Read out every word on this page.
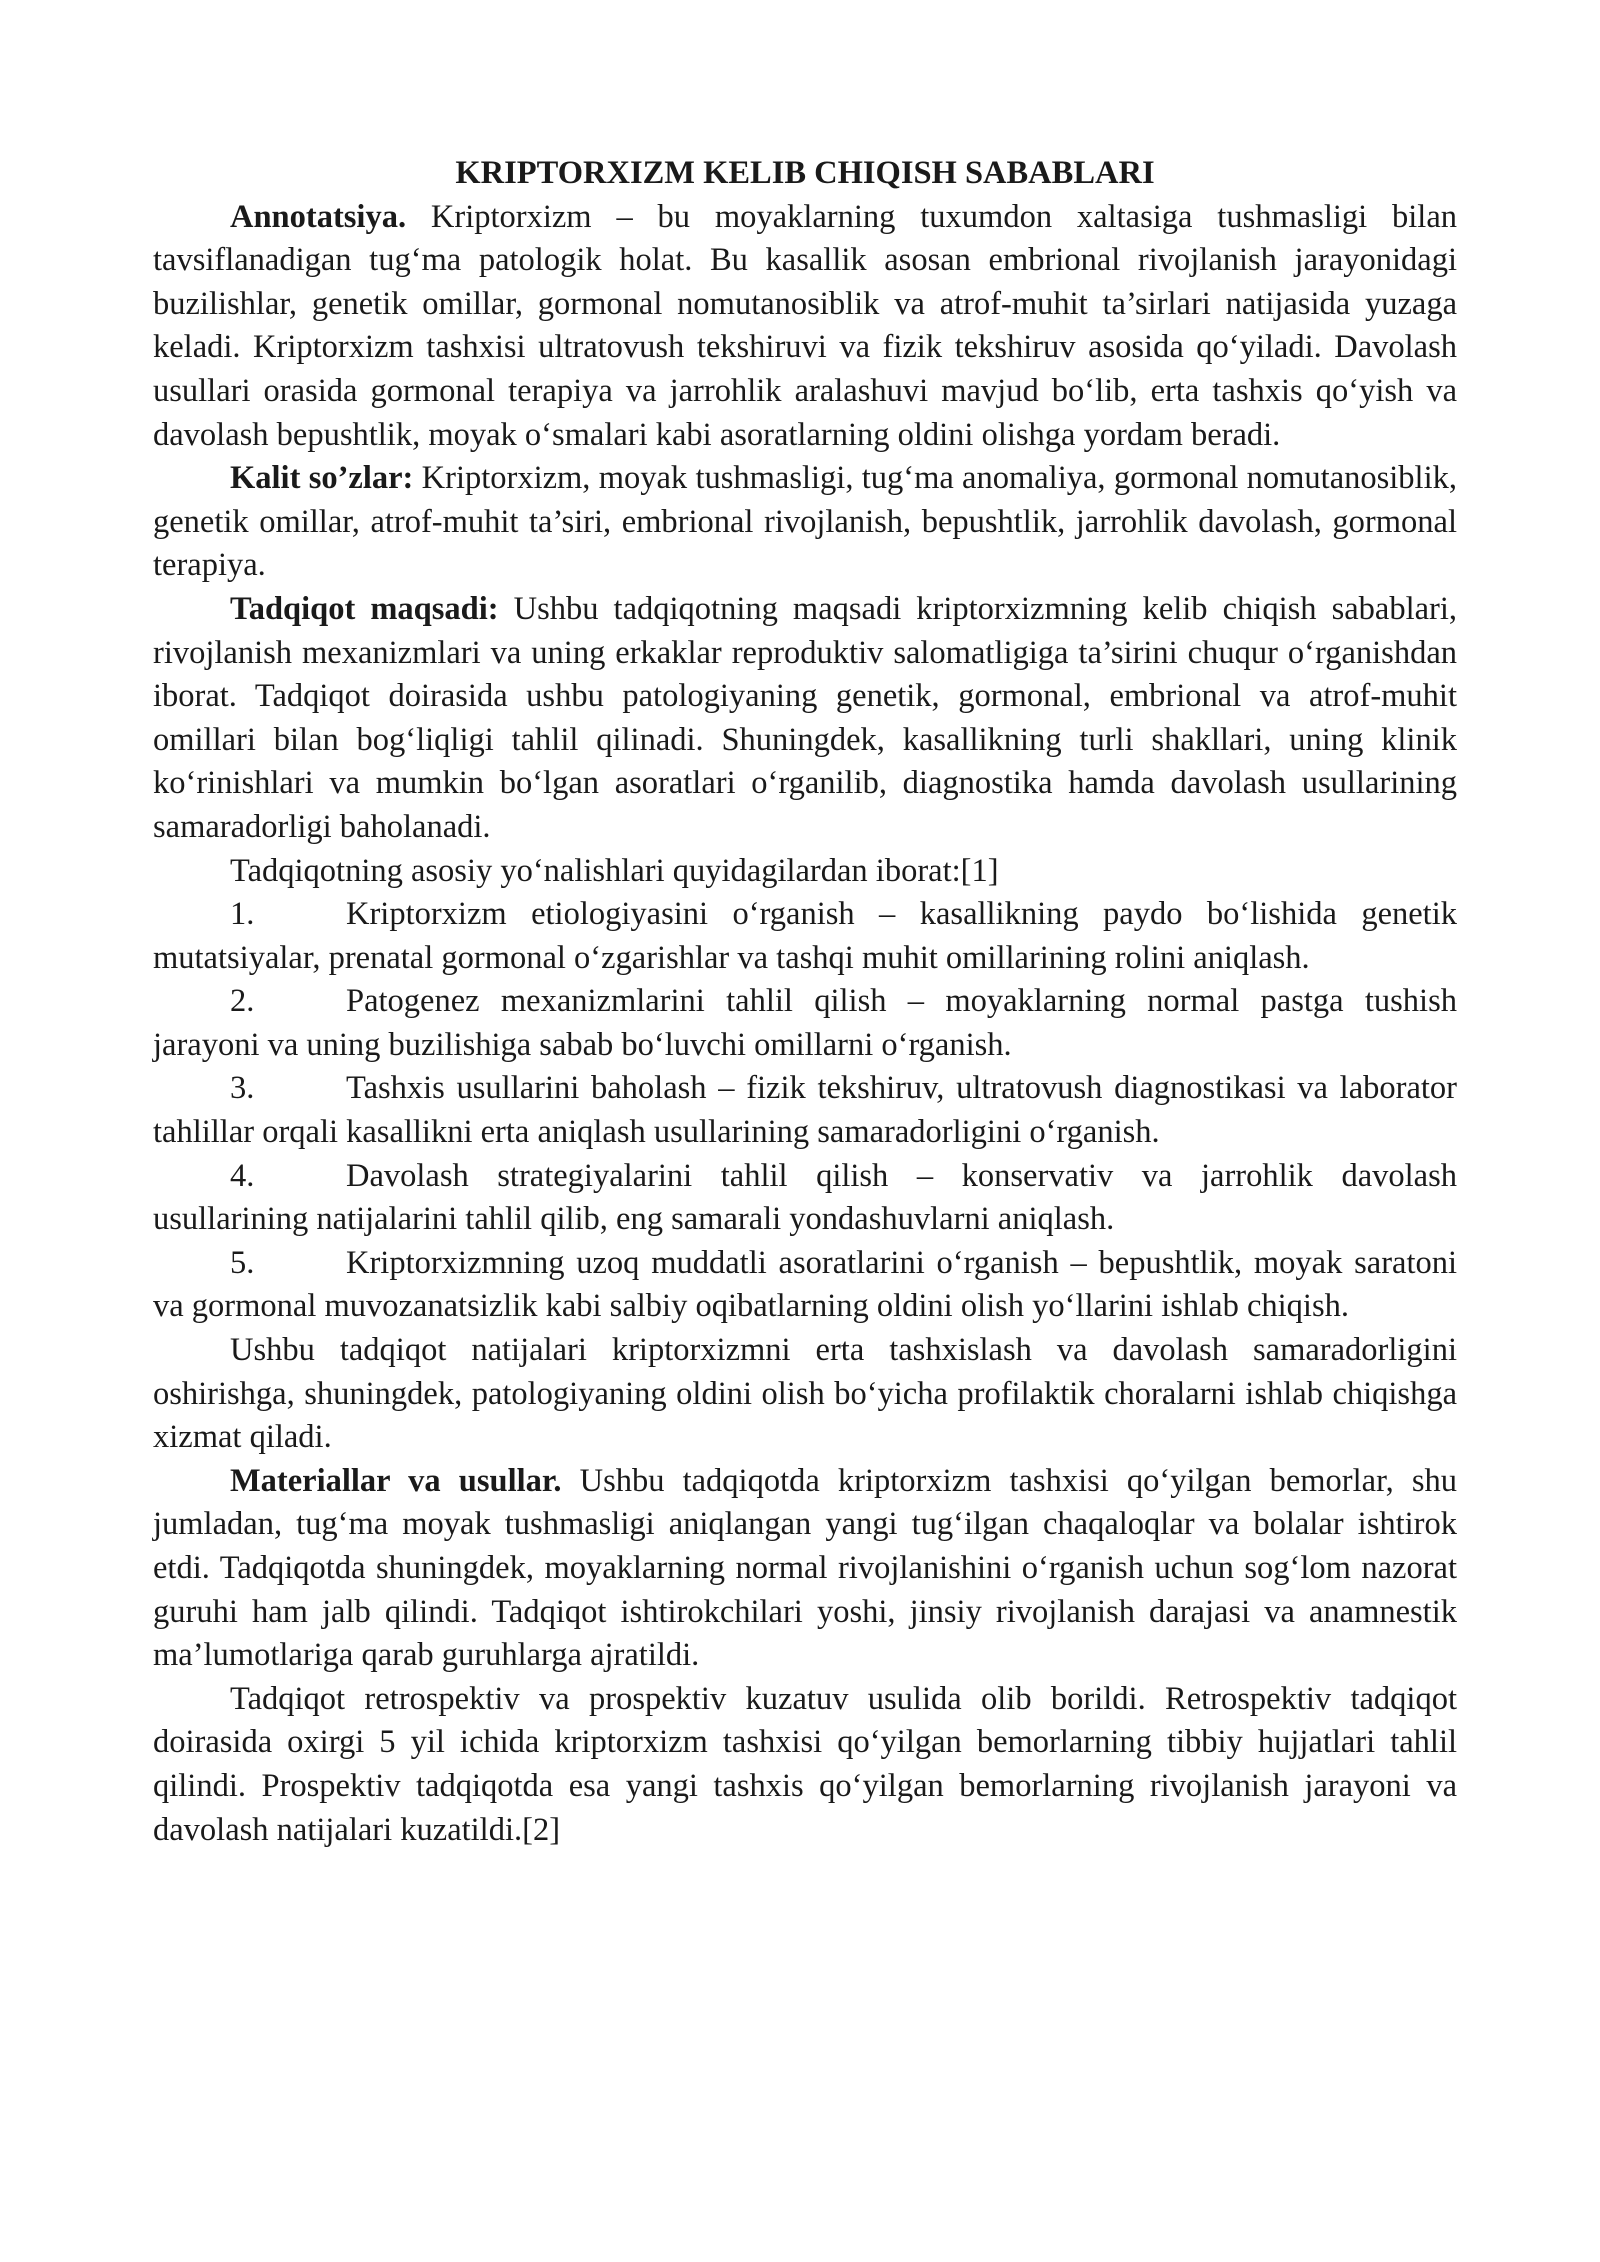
KRIPTORXIZM KELIB CHIQISH SABABLARI

Annotatsiya. Kriptorxizm – bu moyaklarning tuxumdon xaltasiga tushmasligi bilan tavsiflanadigan tug‘ma patologik holat. Bu kasallik asosan embrional rivojlanish jarayonidagi buzilishlar, genetik omillar, gormonal nomutanosiblik va atrof-muhit ta’sirlari natijasida yuzaga keladi. Kriptorxizm tashxisi ultratovush tekshiruvi va fizik tekshiruv asosida qo‘yiladi. Davolash usullari orasida gormonal terapiya va jarrohlik aralashuvi mavjud bo‘lib, erta tashxis qo‘yish va davolash bepushtlik, moyak o‘smalari kabi asoratlarning oldini olishga yordam beradi.

Kalit so’zlar: Kriptorxizm, moyak tushmasligi, tug‘ma anomaliya, gormonal nomutanosiblik, genetik omillar, atrof-muhit ta’siri, embrional rivojlanish, bepushtlik, jarrohlik davolash, gormonal terapiya.

Tadqiqot maqsadi: Ushbu tadqiqotning maqsadi kriptorxizmning kelib chiqish sabablari, rivojlanish mexanizmlari va uning erkaklar reproduktiv salomatligiga ta’sirini chuqur o‘rganishdan iborat. Tadqiqot doirasida ushbu patologiyaning genetik, gormonal, embrional va atrof-muhit omillari bilan bog‘liqligi tahlil qilinadi. Shuningdek, kasallikning turli shakllari, uning klinik ko‘rinishlari va mumkin bo‘lgan asoratlari o‘rganilib, diagnostika hamda davolash usullarining samaradorligi baholanadi.

Tadqiqotning asosiy yo‘nalishlari quyidagilardan iborat:[1]

1.	Kriptorxizm etiologiyasini o‘rganish – kasallikning paydo bo‘lishida genetik mutatsiyalar, prenatal gormonal o‘zgarishlar va tashqi muhit omillarining rolini aniqlash.

2.	Patogenez mexanizmlarini tahlil qilish – moyaklarning normal pastga tushish jarayoni va uning buzilishiga sabab bo‘luvchi omillarni o‘rganish.

3.	Tashxis usullarini baholash – fizik tekshiruv, ultratovush diagnostikasi va laborator tahlillar orqali kasallikni erta aniqlash usullarining samaradorligini o‘rganish.

4.	Davolash strategiyalarini tahlil qilish – konservativ va jarrohlik davolash usullarining natijalarini tahlil qilib, eng samarali yondashuvlarni aniqlash.

5.	Kriptorxizmning uzoq muddatli asoratlarini o‘rganish – bepushtlik, moyak saratoni va gormonal muvozanatsizlik kabi salbiy oqibatlarning oldini olish yo‘llarini ishlab chiqish.

Ushbu tadqiqot natijalari kriptorxizmni erta tashxislash va davolash samaradorligini oshirishga, shuningdek, patologiyaning oldini olish bo‘yicha profilaktik choralarni ishlab chiqishga xizmat qiladi.

Materiallar va usullar. Ushbu tadqiqotda kriptorxizm tashxisi qo‘yilgan bemorlar, shu jumladan, tug‘ma moyak tushmasligi aniqlangan yangi tug‘ilgan chaqaloqlar va bolalar ishtirok etdi. Tadqiqotda shuningdek, moyaklarning normal rivojlanishini o‘rganish uchun sog‘lom nazorat guruhi ham jalb qilindi. Tadqiqot ishtirokchilari yoshi, jinsiy rivojlanish darajasi va anamnestik ma’lumotlariga qarab guruhlarga ajratildi.

Tadqiqot retrospektiv va prospektiv kuzatuv usulida olib borildi. Retrospektiv tadqiqot doirasida oxirgi 5 yil ichida kriptorxizm tashxisi qo‘yilgan bemorlarning tibbiy hujjatlari tahlil qilindi. Prospektiv tadqiqotda esa yangi tashxis qo‘yilgan bemorlarning rivojlanish jarayoni va davolash natijalari kuzatildi.[2]
